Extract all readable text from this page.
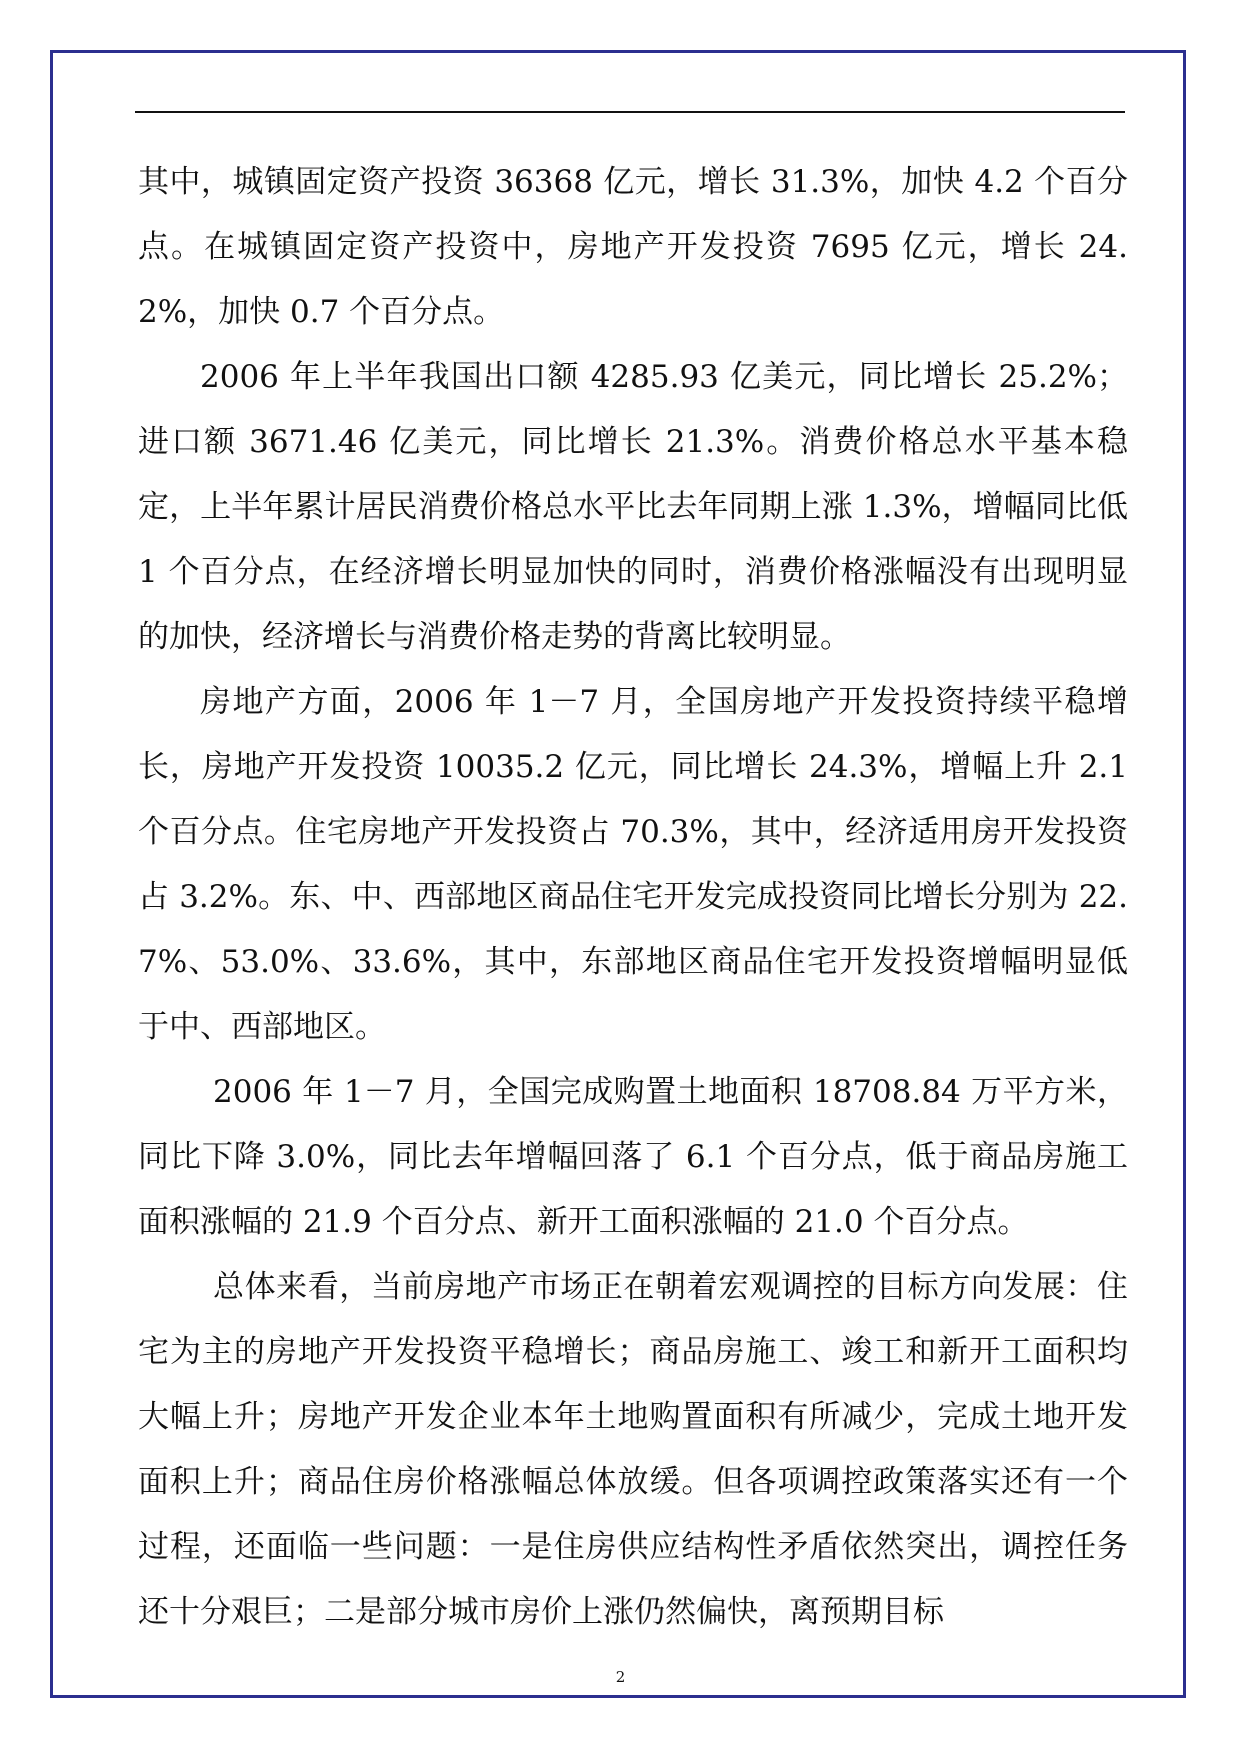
其中，城镇固定资产投资 36368 亿元，增长 31.3%，加快 4.2 个百分点。在城镇固定资产投资中，房地产开发投资 7695 亿元，增长 24.2%，加快 0.7 个百分点。

2006 年上半年我国出口额 4285.93 亿美元，同比增长 25.2%；进口额 3671.46 亿美元，同比增长 21.3%。消费价格总水平基本稳定，上半年累计居民消费价格总水平比去年同期上涨 1.3%，增幅同比低 1 个百分点，在经济增长明显加快的同时，消费价格涨幅没有出现明显的加快，经济增长与消费价格走势的背离比较明显。

房地产方面，2006 年 1－7 月，全国房地产开发投资持续平稳增长，房地产开发投资 10035.2 亿元，同比增长 24.3%，增幅上升 2.1 个百分点。住宅房地产开发投资占 70.3%，其中，经济适用房开发投资占 3.2%。东、中、西部地区商品住宅开发完成投资同比增长分别为 22.7%、53.0%、33.6%，其中，东部地区商品住宅开发投资增幅明显低于中、西部地区。

2006 年 1－7 月，全国完成购置土地面积 18708.84 万平方米，同比下降 3.0%，同比去年增幅回落了 6.1 个百分点，低于商品房施工面积涨幅的 21.9 个百分点、新开工面积涨幅的 21.0 个百分点。

总体来看，当前房地产市场正在朝着宏观调控的目标方向发展：住宅为主的房地产开发投资平稳增长；商品房施工、竣工和新开工面积均大幅上升；房地产开发企业本年土地购置面积有所减少，完成土地开发面积上升；商品住房价格涨幅总体放缓。但各项调控政策落实还有一个过程，还面临一些问题：一是住房供应结构性矛盾依然突出，调控任务还十分艰巨；二是部分城市房价上涨仍然偏快，离预期目标

2
